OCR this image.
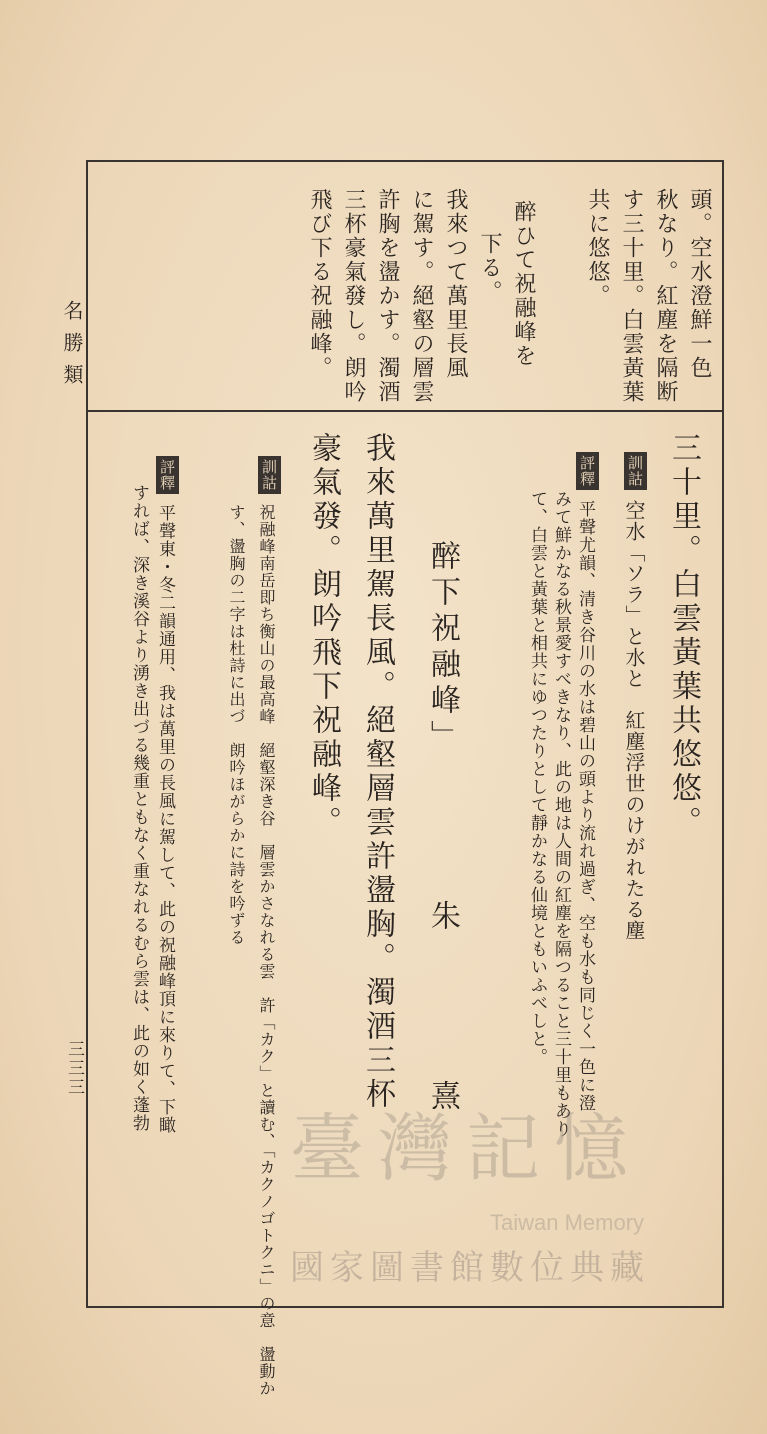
名勝類
三三三
頭。空水澄鮮一色
秋なり。紅塵を隔断
す三十里。白雲黃葉
共に悠悠。
醉ひて祝融峰を
下る。
我來つて萬里長風
に駕す。絕壑の層雲
許胸を盪かす。濁酒
三杯豪氣發し。朗吟
飛び下る祝融峰。
三十里。白雲黃葉共悠悠。
訓詁
空水「ソラ」と水と　紅塵浮世のけがれたる塵
評釋
平聲尤韻、清き谷川の水は碧山の頭より流れ過ぎ、空も水も同じく一色に澄
みて鮮かなる秋景愛すべきなり、此の地は人間の紅塵を隔つること三十里もあり
て、白雲と黃葉と相共にゆつたりとして靜かなる仙境ともいふべしと。
醉下祝融峰」
朱　熹
我來萬里駕長風。絕壑層雲許盪胸。濁酒三杯
豪氣發。朗吟飛下祝融峰。
訓詁
祝融峰南岳即ち衡山の最高峰　絕壑深き谷　層雲かさなれる雲　許「カク」と讀む、「カクノゴトクニ」の意　盪動か
す、盪胸の二字は杜詩に出づ　朗吟ほがらかに詩を吟ずる
評釋
平聲東・冬二韻通用、我は萬里の長風に駕して、此の祝融峰頂に來りて、下瞰
すれば、深き溪谷より湧き出づる幾重ともなく重なれるむら雲は、此の如く蓬勃
臺灣記憶
Taiwan Memory
國家圖書館數位典藏
